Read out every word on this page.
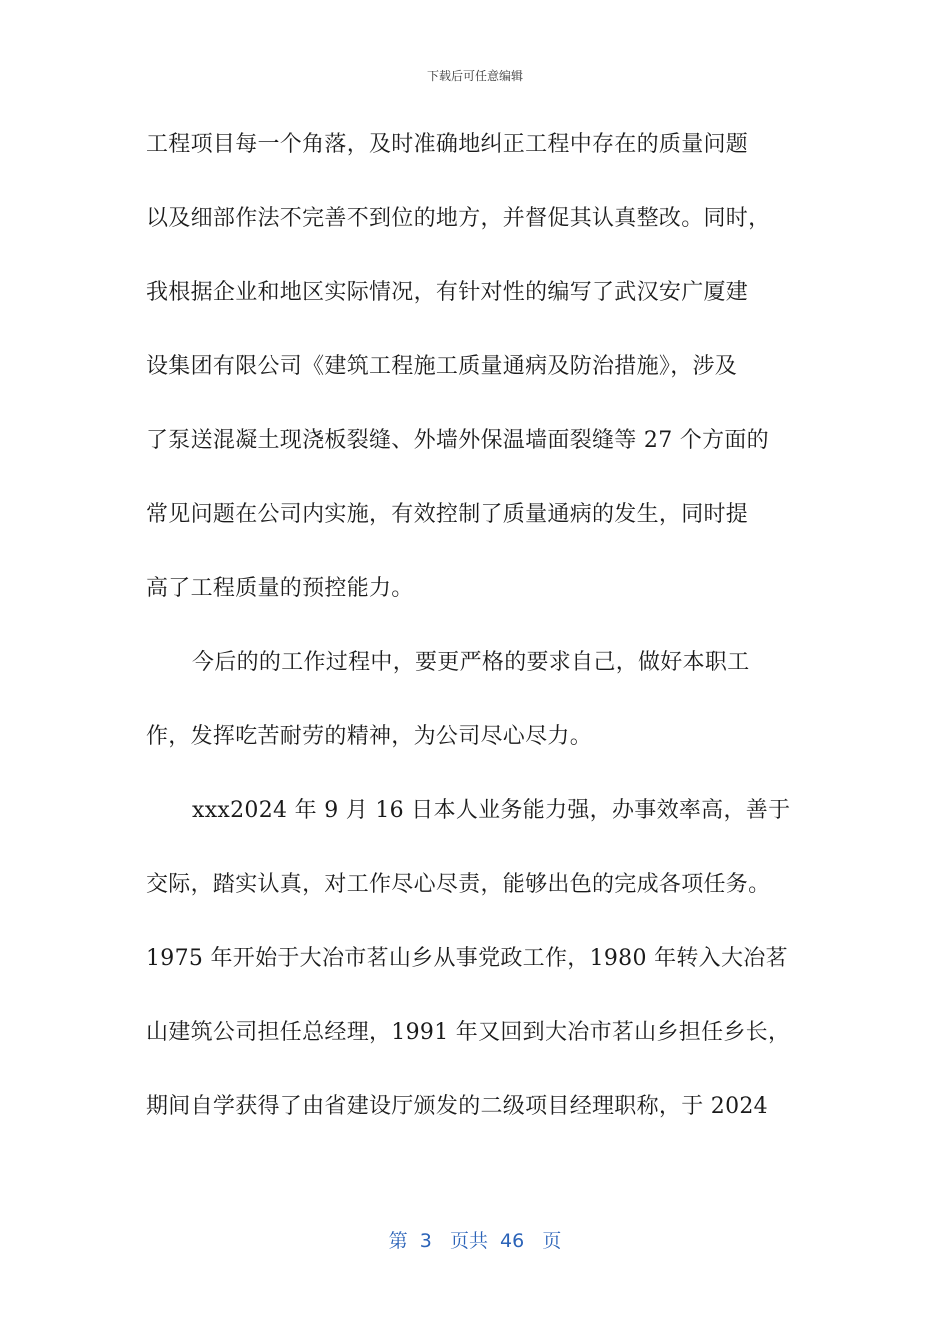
下载后可任意编辑
工程项目每一个角落，及时准确地纠正工程中存在的质量问题
以及细部作法不完善不到位的地方，并督促其认真整改。同时，
我根据企业和地区实际情况，有针对性的编写了武汉安广厦建
设集团有限公司《建筑工程施工质量通病及防治措施》，涉及
了泵送混凝土现浇板裂缝、外墙外保温墙面裂缝等 27 个方面的
常见问题在公司内实施，有效控制了质量通病的发生，同时提
高了工程质量的预控能力。
今后的的工作过程中，要更严格的要求自己，做好本职工
作，发挥吃苦耐劳的精神，为公司尽心尽力。
xxx2024 年 9 月 16 日本人业务能力强，办事效率高，善于
交际，踏实认真，对工作尽心尽责，能够出色的完成各项任务。
1975 年开始于大冶市茗山乡从事党政工作，1980 年转入大冶茗
山建筑公司担任总经理，1991 年又回到大冶市茗山乡担任乡长，
期间自学获得了由省建设厅颁发的二级项目经理职称，于 2024
第  3   页共  46   页
